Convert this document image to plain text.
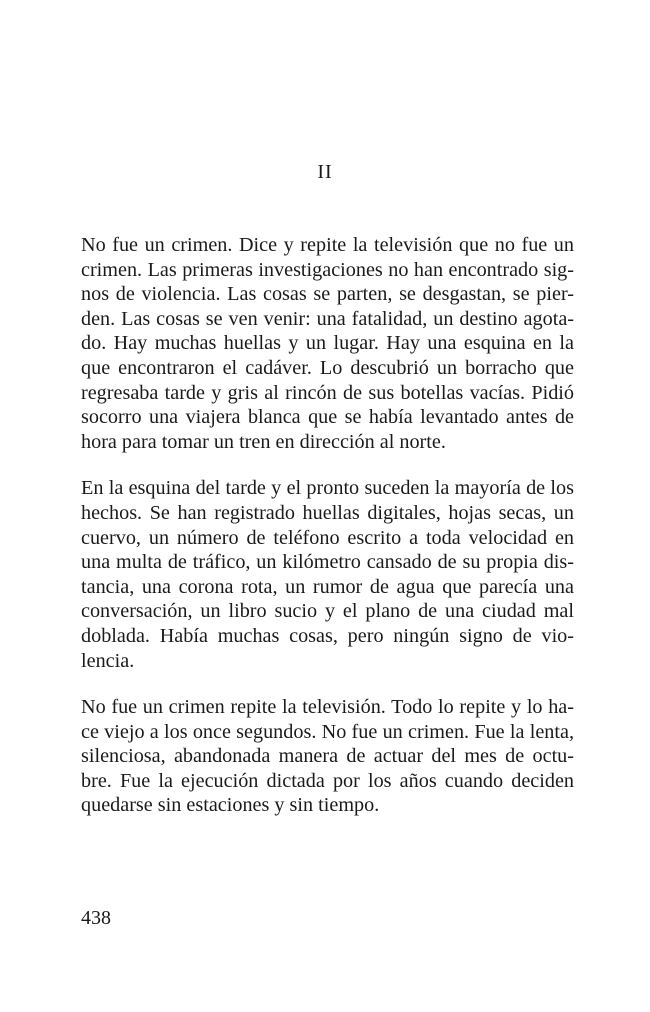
II
No fue un crimen. Dice y repite la televisión que no fue un
crimen. Las primeras investigaciones no han encontrado sig-
nos de violencia. Las cosas se parten, se desgastan, se pier-
den. Las cosas se ven venir: una fatalidad, un destino agota-
do. Hay muchas huellas y un lugar. Hay una esquina en la
que encontraron el cadáver. Lo descubrió un borracho que
regresaba tarde y gris al rincón de sus botellas vacías. Pidió
socorro una viajera blanca que se había levantado antes de
hora para tomar un tren en dirección al norte.
En la esquina del tarde y el pronto suceden la mayoría de los
hechos. Se han registrado huellas digitales, hojas secas, un
cuervo, un número de teléfono escrito a toda velocidad en
una multa de tráfico, un kilómetro cansado de su propia dis-
tancia, una corona rota, un rumor de agua que parecía una
conversación, un libro sucio y el plano de una ciudad mal
doblada. Había muchas cosas, pero ningún signo de vio-
lencia.
No fue un crimen repite la televisión. Todo lo repite y lo ha-
ce viejo a los once segundos. No fue un crimen. Fue la lenta,
silenciosa, abandonada manera de actuar del mes de octu-
bre. Fue la ejecución dictada por los años cuando deciden
quedarse sin estaciones y sin tiempo.
438
